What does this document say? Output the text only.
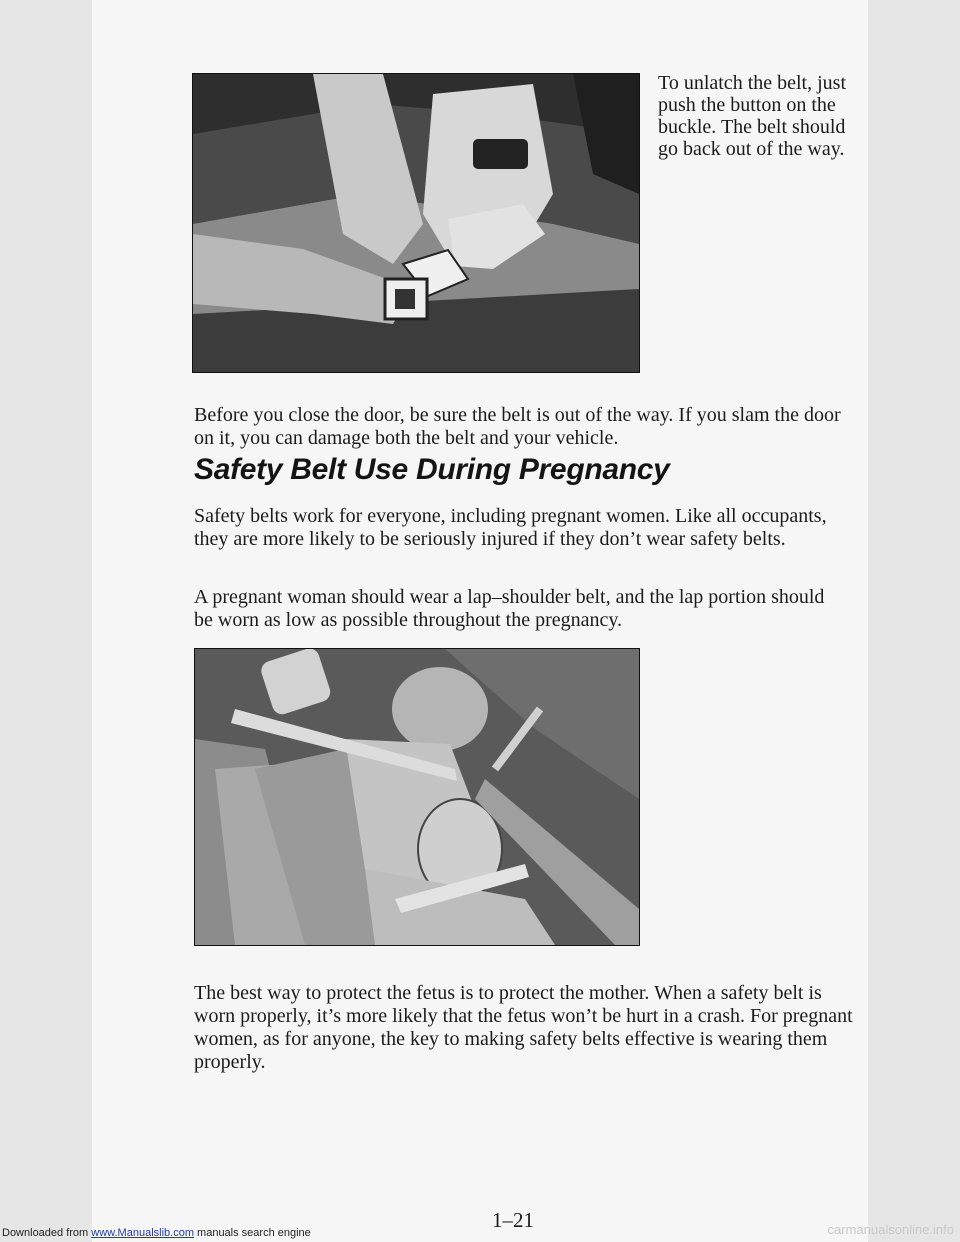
To unlatch the belt, just push the button on the buckle. The belt should go back out of the way.

Before you close the door, be sure the belt is out of the way. If you slam the door on it, you can damage both the belt and your vehicle.

Safety Belt Use During Pregnancy

Safety belts work for everyone, including pregnant women. Like all occupants, they are more likely to be seriously injured if they don’t wear safety belts.

A pregnant woman should wear a lap–shoulder belt, and the lap portion should be worn as low as possible throughout the pregnancy.

The best way to protect the fetus is to protect the mother. When a safety belt is worn properly, it’s more likely that the fetus won’t be hurt in a crash. For pregnant women, as for anyone, the key to making safety belts effective is wearing them properly.

1–21
Downloaded from www.Manualslib.com manuals search engine	carmanualsonline.info
